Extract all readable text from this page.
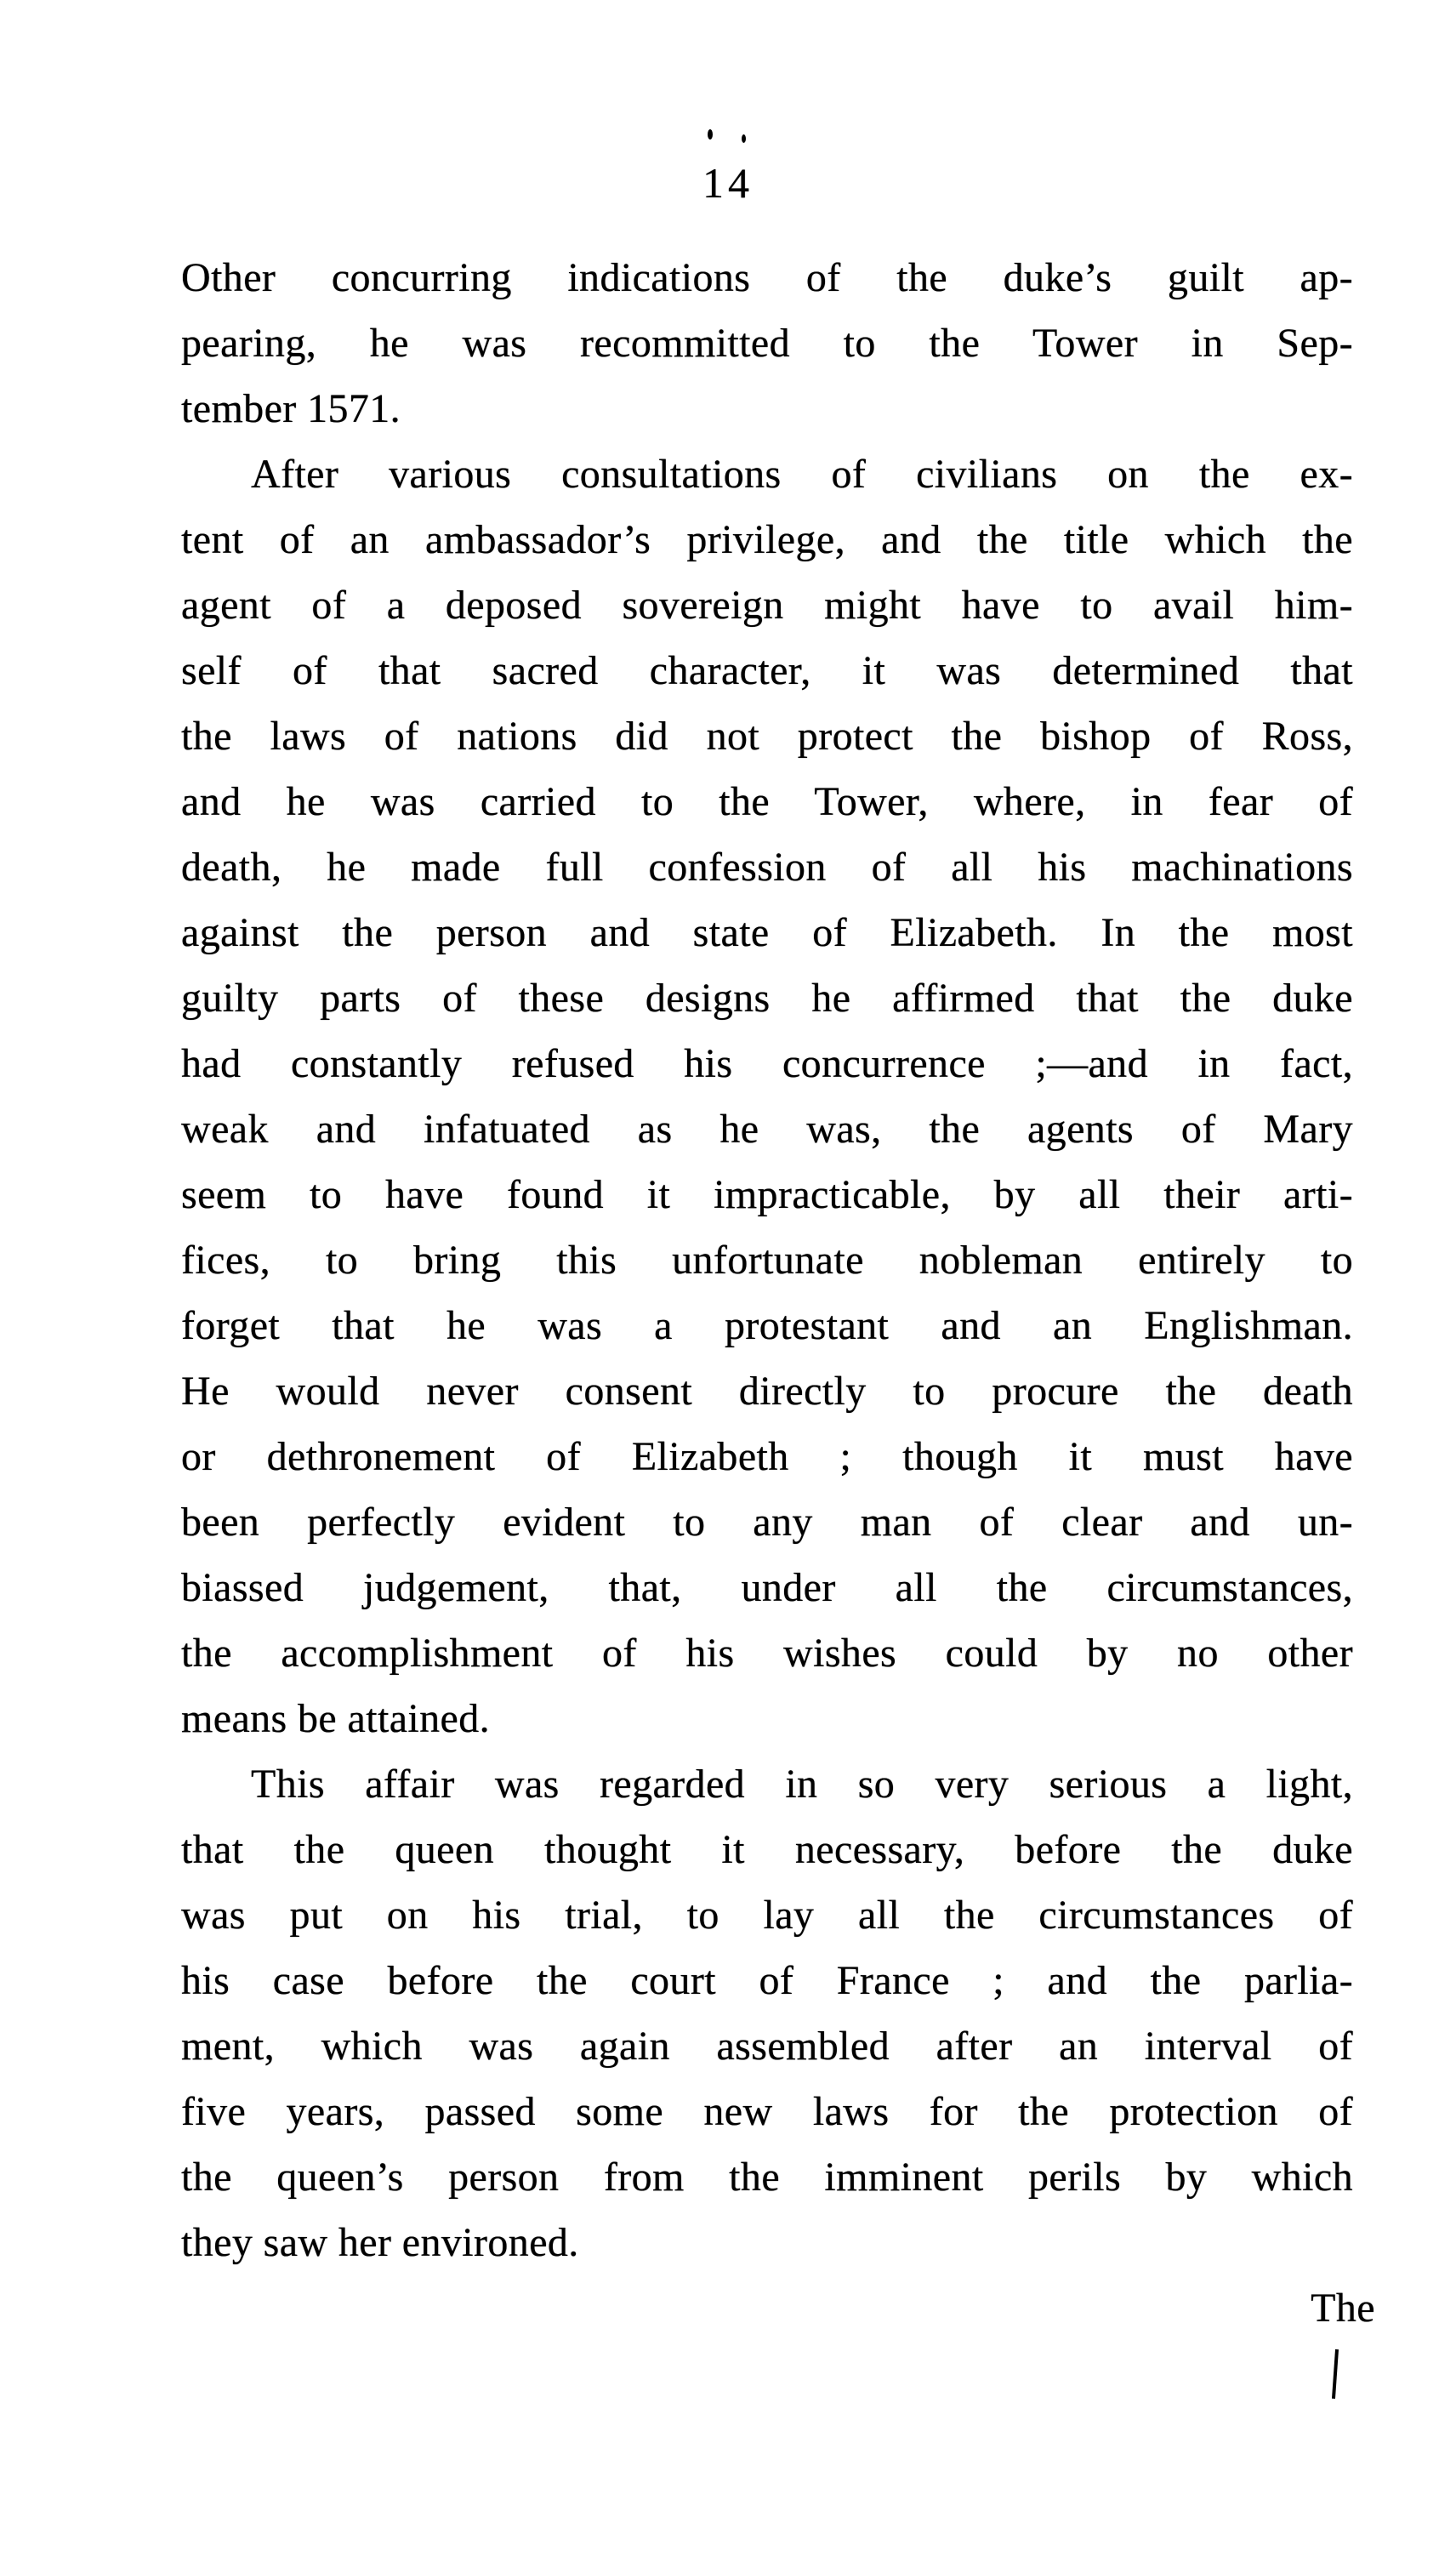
14
Other concurring indications of the duke’s guilt ap-
pearing, he was recommitted to the Tower in Sep-
tember 1571.
After various consultations of civilians on the ex-
tent of an ambassador’s privilege, and the title which the
agent of a deposed sovereign might have to avail him-
self of that sacred character, it was determined that
the laws of nations did not protect the bishop of Ross,
and he was carried to the Tower, where, in fear of
death, he made full confession of all his machinations
against the person and state of Elizabeth. In the most
guilty parts of these designs he affirmed that the duke
had constantly refused his concurrence ;—and in fact,
weak and infatuated as he was, the agents of Mary
seem to have found it impracticable, by all their arti-
fices, to bring this unfortunate nobleman entirely to
forget that he was a protestant and an Englishman.
He would never consent directly to procure the death
or dethronement of Elizabeth ; though it must have
been perfectly evident to any man of clear and un-
biassed judgement, that, under all the circumstances,
the accomplishment of his wishes could by no other
means be attained.
This affair was regarded in so very serious a light,
that the queen thought it necessary, before the duke
was put on his trial, to lay all the circumstances of
his case before the court of France ; and the parlia-
ment, which was again assembled after an interval of
five years, passed some new laws for the protection of
the queen’s person from the imminent perils by which
they saw her environed.
The
